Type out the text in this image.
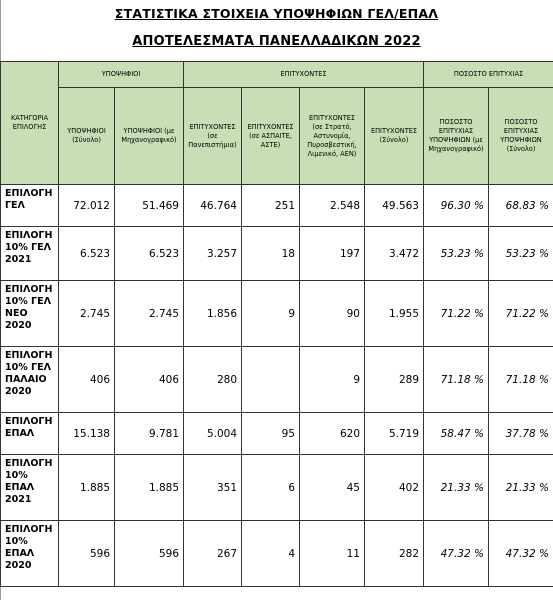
ΣΤΑΤΙΣΤΙΚΑ ΣΤΟΙΧΕΙΑ ΥΠΟΨΗΦΙΩΝ ΓΕΛ/ΕΠΑΛ
ΑΠΟΤΕΛΕΣΜΑΤΑ ΠΑΝΕΛΛΑΔΙΚΩΝ 2022
ΚΑΤΗΓΟΡΙΑ ΕΠΙΛΟΓΗΣ	ΥΠΟΨΗΦΙΟΙ		ΕΠΙΤΥΧΟΝΤΕΣ				ΠΟΣΟΣΤΟ ΕΠΙΤΥΧΙΑΣ	
	ΥΠΟΨΗΦΙΟΙ (Σύνολο)	ΥΠΟΨΗΦΙΟΙ (με Μηχανογραφικό)	ΕΠΙΤΥΧΟΝΤΕΣ (σε Πανεπιστήμια)	ΕΠΙΤΥΧΟΝΤΕΣ (σε ΑΣΠΑΙΤΕ, ΑΣΤΕ)	ΕΠΙΤΥΧΟΝΤΕΣ (σε Στρατό, Αστυνομία, Πυροσβεστική, Λιμενικό, ΑΕΝ)	ΕΠΙΤΥΧΟΝΤΕΣ (Σύνολο)	ΠΟΣΟΣΤΟ ΕΠΙΤΥΧΙΑΣ ΥΠΟΨΗΦΙΩΝ (με Μηχανογραφικό)	ΠΟΣΟΣΤΟ ΕΠΙΤΥΧΙΑΣ ΥΠΟΨΗΦΙΩΝ (Σύνολο)
ΕΠΙΛΟΓΗ ΓΕΛ	72.012	51.469	46.764	251	2.548	49.563	96.30 %	68.83 %
ΕΠΙΛΟΓΗ 10% ΓΕΛ 2021	6.523	6.523	3.257	18	197	3.472	53.23 %	53.23 %
ΕΠΙΛΟΓΗ 10% ΓΕΛ ΝΕΟ 2020	2.745	2.745	1.856	9	90	1.955	71.22 %	71.22 %
ΕΠΙΛΟΓΗ 10% ΓΕΛ ΠΑΛΑΙΟ 2020	406	406	280		9	289	71.18 %	71.18 %
ΕΠΙΛΟΓΗ ΕΠΑΛ	15.138	9.781	5.004	95	620	5.719	58.47 %	37.78 %
ΕΠΙΛΟΓΗ 10% ΕΠΑΛ 2021	1.885	1.885	351	6	45	402	21.33 %	21.33 %
ΕΠΙΛΟΓΗ 10% ΕΠΑΛ 2020	596	596	267	4	11	282	47.32 %	47.32 %
